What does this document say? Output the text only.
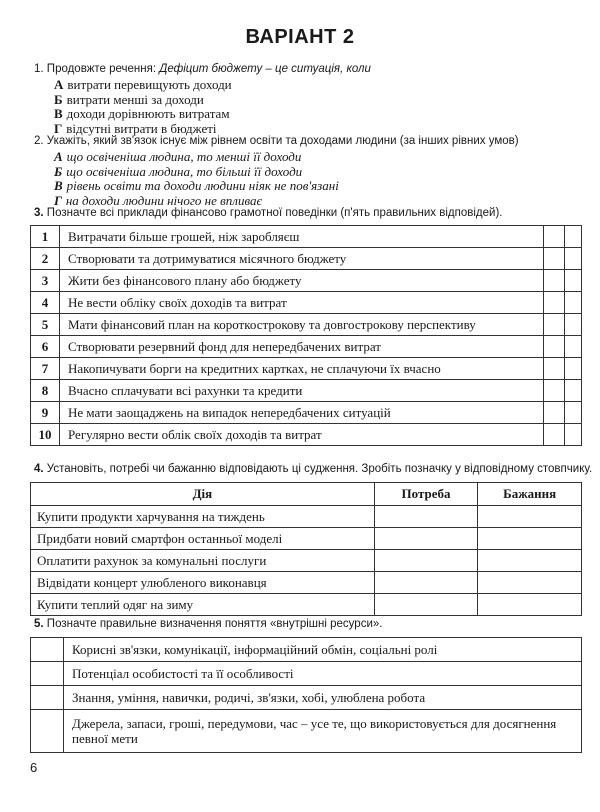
ВАРІАНТ 2
1. Продовжте речення: Дефіцит бюджету – це ситуація, коли
А витрати перевищують доходи
Б витрати менші за доходи
В доходи дорівнюють витратам
Г відсутні витрати в бюджеті
2. Укажіть, який зв'язок існує між рівнем освіти та доходами людини (за інших рівних умов)
А що освіченіша людина, то менші її доходи
Б що освіченіша людина, то більші її доходи
В рівень освіти та доходи людини ніяк не пов'язані
Г на доходи людини нічого не впливає
3. Позначте всі приклади фінансово грамотної поведінки (п'ять правильних відповідей).
1	Витрачати більше грошей, ніж заробляєш		
2	Створювати та дотримуватися місячного бюджету		
3	Жити без фінансового плану або бюджету		
4	Не вести обліку своїх доходів та витрат		
5	Мати фінансовий план на короткострокову та довгострокову перспективу		
6	Створювати резервний фонд для непередбачених витрат		
7	Накопичувати борги на кредитних картках, не сплачуючи їх вчасно		
8	Вчасно сплачувати всі рахунки та кредити		
9	Не мати заощаджень на випадок непередбачених ситуацій		
10	Регулярно вести облік своїх доходів та витрат		
4. Установіть, потребі чи бажанню відповідають ці судження. Зробіть позначку у відповідному стовпчику.
Дія	Потреба	Бажання
Купити продукти харчування на тиждень		
Придбати новий смартфон останньої моделі		
Оплатити рахунок за комунальні послуги		
Відвідати концерт улюбленого виконавця		
Купити теплий одяг на зиму		
5. Позначте правильне визначення поняття «внутрішні ресурси».
	Корисні зв'язки, комунікації, інформаційний обмін, соціальні ролі
	Потенціал особистості та її особливості
	Знання, уміння, навички, родичі, зв'язки, хобі, улюблена робота
	Джерела, запаси, гроші, передумови, час – усе те, що використовується для досягнення певної мети
6
